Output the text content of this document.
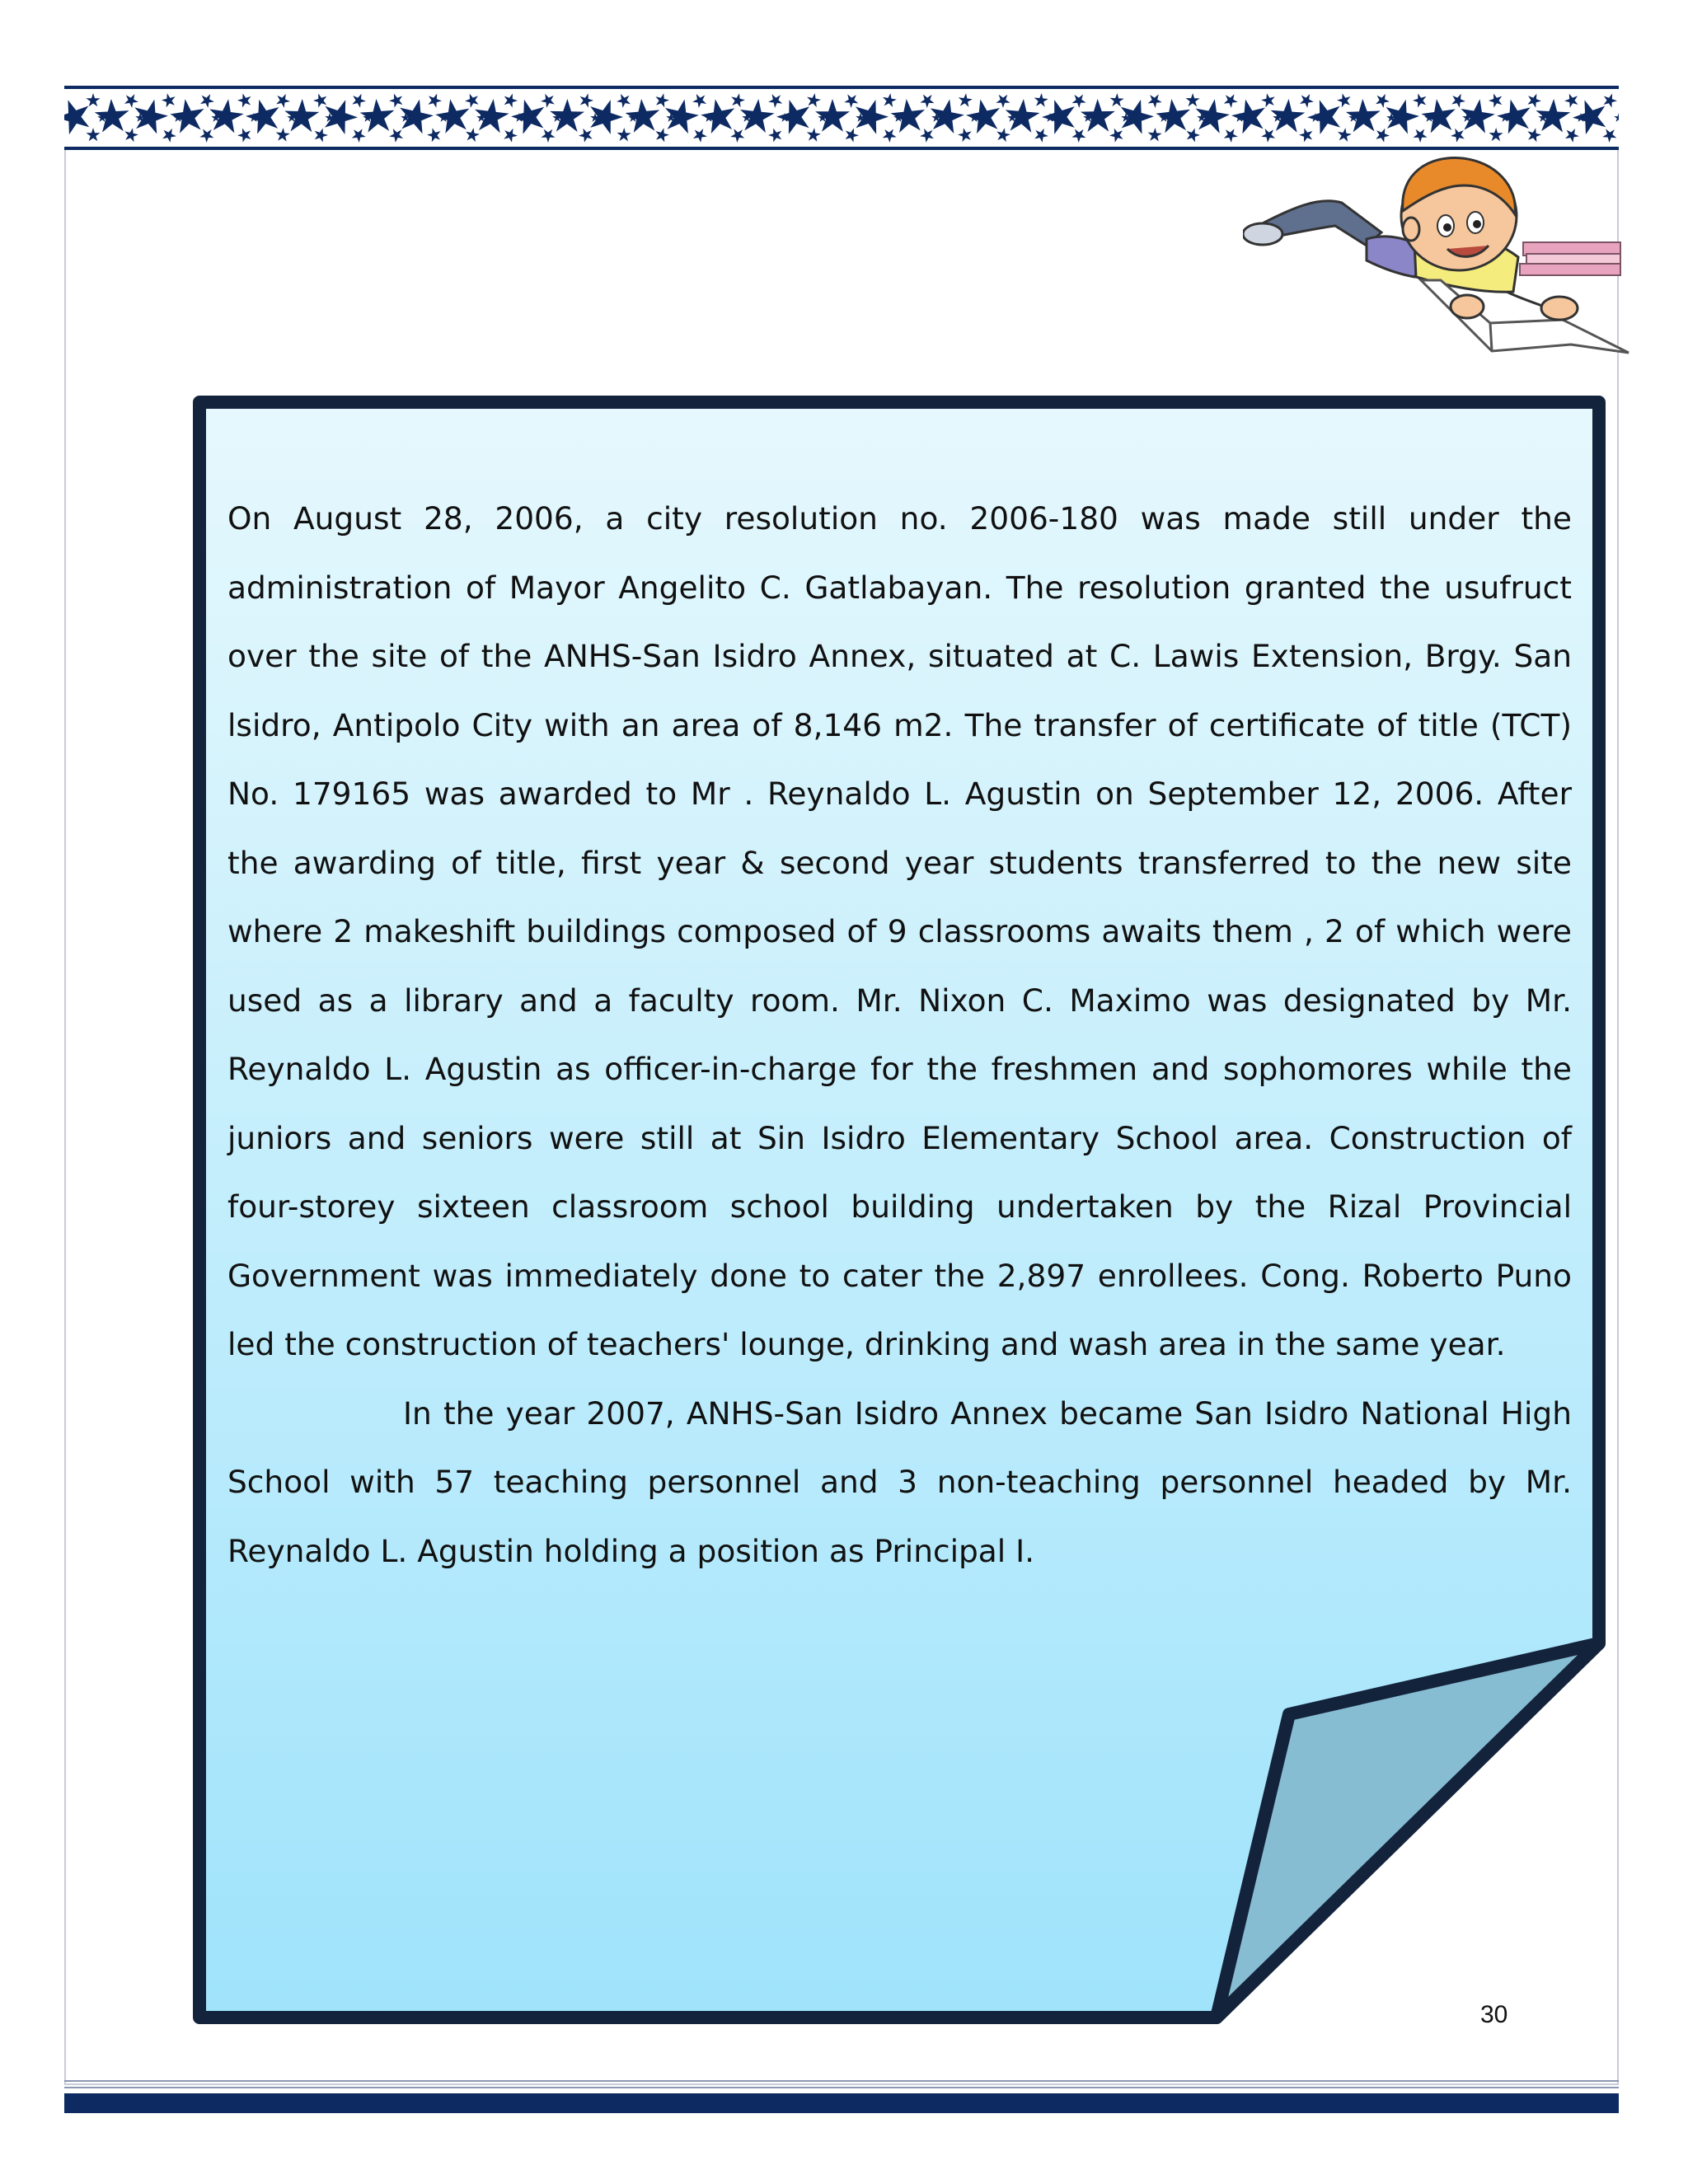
On August 28, 2006, a city resolution no. 2006-180 was made still under the administration of Mayor Angelito C. Gatlabayan. The resolution granted the usufruct over the site of the ANHS-San Isidro Annex, situated at C. Lawis Extension, Brgy. San lsidro, Antipolo City with an area of 8,146 m2. The transfer of certificate of title (TCT) No. 179165 was awarded to Mr . Reynaldo L. Agustin on September 12, 2006. After the awarding of title, first year & second year students transferred to the new site where 2 makeshift buildings composed of 9 classrooms awaits them , 2 of which were used as a library and a faculty room. Mr. Nixon C. Maximo was designated by Mr. Reynaldo L. Agustin as officer-in-charge for the freshmen and sophomores while the juniors and seniors were still at Sin Isidro Elementary School area. Construction of four-storey sixteen classroom school building undertaken by the Rizal Provincial Government was immediately done to cater the 2,897 enrollees. Cong. Roberto Puno led the construction of teachers' lounge, drinking and wash area in the same year.

In the year 2007, ANHS-San Isidro Annex became San Isidro National High School with 57 teaching personnel and 3 non-teaching personnel headed by Mr. Reynaldo L. Agustin holding a position as Principal I.

30
